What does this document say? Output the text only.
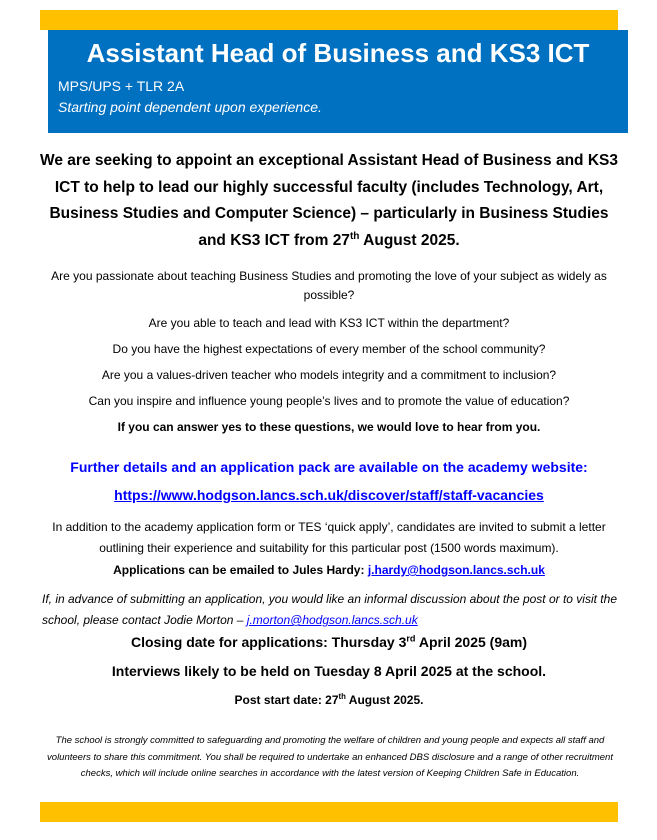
Assistant Head of Business and KS3 ICT
MPS/UPS + TLR 2A
Starting point dependent upon experience.
We are seeking to appoint an exceptional Assistant Head of Business and KS3 ICT to help to lead our highly successful faculty (includes Technology, Art, Business Studies and Computer Science) – particularly in Business Studies and KS3 ICT from 27th August 2025.
Are you passionate about teaching Business Studies and promoting the love of your subject as widely as possible?
Are you able to teach and lead with KS3 ICT within the department?
Do you have the highest expectations of every member of the school community?
Are you a values-driven teacher who models integrity and a commitment to inclusion?
Can you inspire and influence young people’s lives and to promote the value of education?
If you can answer yes to these questions, we would love to hear from you.
Further details and an application pack are available on the academy website:
https://www.hodgson.lancs.sch.uk/discover/staff/staff-vacancies
In addition to the academy application form or TES ‘quick apply’, candidates are invited to submit a letter outlining their experience and suitability for this particular post (1500 words maximum).
Applications can be emailed to Jules Hardy: j.hardy@hodgson.lancs.sch.uk
If, in advance of submitting an application, you would like an informal discussion about the post or to visit the school, please contact Jodie Morton – j.morton@hodgson.lancs.sch.uk
Closing date for applications: Thursday 3rd April 2025 (9am)
Interviews likely to be held on Tuesday 8 April 2025 at the school.
Post start date: 27th August 2025.
The school is strongly committed to safeguarding and promoting the welfare of children and young people and expects all staff and volunteers to share this commitment. You shall be required to undertake an enhanced DBS disclosure and a range of other recruitment checks, which will include online searches in accordance with the latest version of Keeping Children Safe in Education.
